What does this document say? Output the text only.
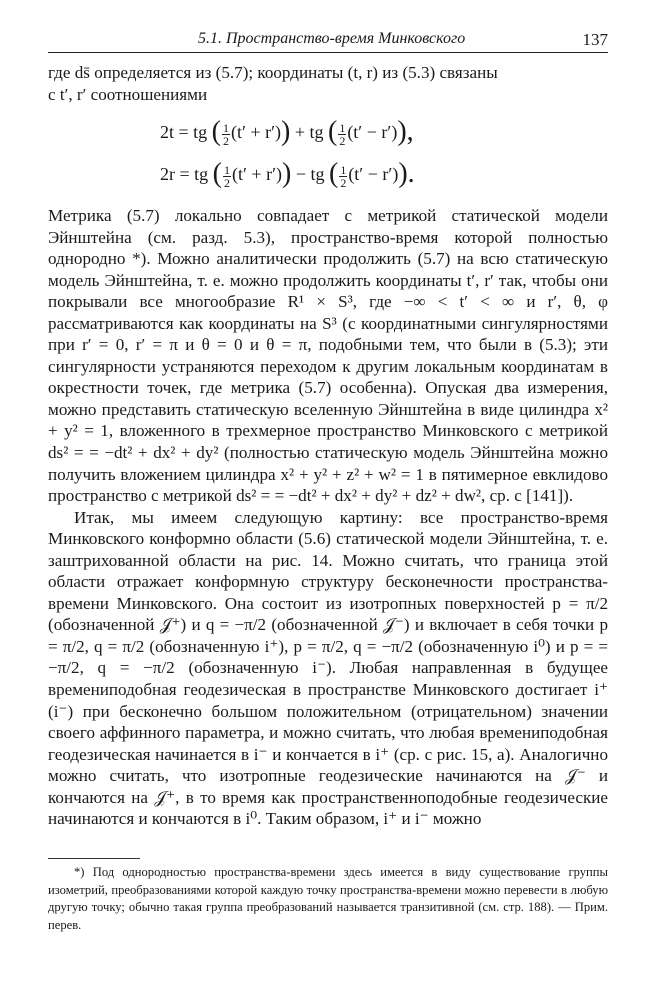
5.1. Пространство-время Минковского	137

где ds̄ определяется из (5.7); координаты (t, r) из (5.3) связаны

с t′, r′ соотношениями

2t = tg ( $\frac{1}{2} (t' + r')$) + tg ( $\frac{1}{2} (t' - r')$),
2r = tg ( $\frac{1}{2} (t' + r')$) − tg ( $\frac{1}{2} (t' - r')$).

Метрика (5.7) локально совпадает с метрикой статической модели Эйнштейна (см. разд. 5.3), пространство-время которой полностью однородно *). Можно аналитически продолжить (5.7) на всю статическую модель Эйнштейна, т. е. можно продолжить координаты t′, r′ так, чтобы они покрывали все многообразие R¹ × S³, где −∞ < t′ < ∞ и r′, θ, φ рассматриваются как координаты на S³ (с координатными сингулярностями при r′ = 0, r′ = π и θ = 0 и θ = π, подобными тем, что были в (5.3); эти сингулярности устраняются переходом к другим локальным координатам в окрестности точек, где метрика (5.7) особенна). Опуская два измерения, можно представить статическую вселенную Эйнштейна в виде цилиндра x² + y² = 1, вложенного в трехмерное пространство Минковского с метрикой ds² = = −dt² + dx² + dy² (полностью статическую модель Эйнштейна можно получить вложением цилиндра x² + y² + z² + w² = 1 в пятимерное евклидово пространство с метрикой ds² = = −dt² + dx² + dy² + dz² + dw², ср. с [141]).

Итак, мы имеем следующую картину: все пространство-время Минковского конформно области (5.6) статической модели Эйнштейна, т. е. заштрихованной области на рис. 14. Можно считать, что граница этой области отражает конформную структуру бесконечности пространства-времени Минковского. Она состоит из изотропных поверхностей p = π/2 (обозначенной 𝒥⁺) и q = −π/2 (обозначенной 𝒥⁻) и включает в себя точки p = π/2, q = π/2 (обозначенную i⁺), p = π/2, q = −π/2 (обозначенную i⁰) и p = = −π/2, q = −π/2 (обозначенную i⁻). Любая направленная в будущее времениподобная геодезическая в пространстве Минковского достигает i⁺ (i⁻) при бесконечно большом положительном (отрицательном) значении своего аффинного параметра, и можно считать, что любая времениподобная геодезическая начинается в i⁻ и кончается в i⁺ (ср. с рис. 15, a). Аналогично можно считать, что изотропные геодезические начинаются на 𝒥⁻ и кончаются на 𝒥⁺, в то время как пространственноподобные геодезические начинаются и кончаются в i⁰. Таким образом, i⁺ и i⁻ можно

*) Под однородностью пространства-времени здесь имеется в виду существование группы изометрий, преобразованиями которой каждую точку пространства-времени можно перевести в любую другую точку; обычно такая группа преобразований называется транзитивной (см. стр. 188). — Прим. перев.
